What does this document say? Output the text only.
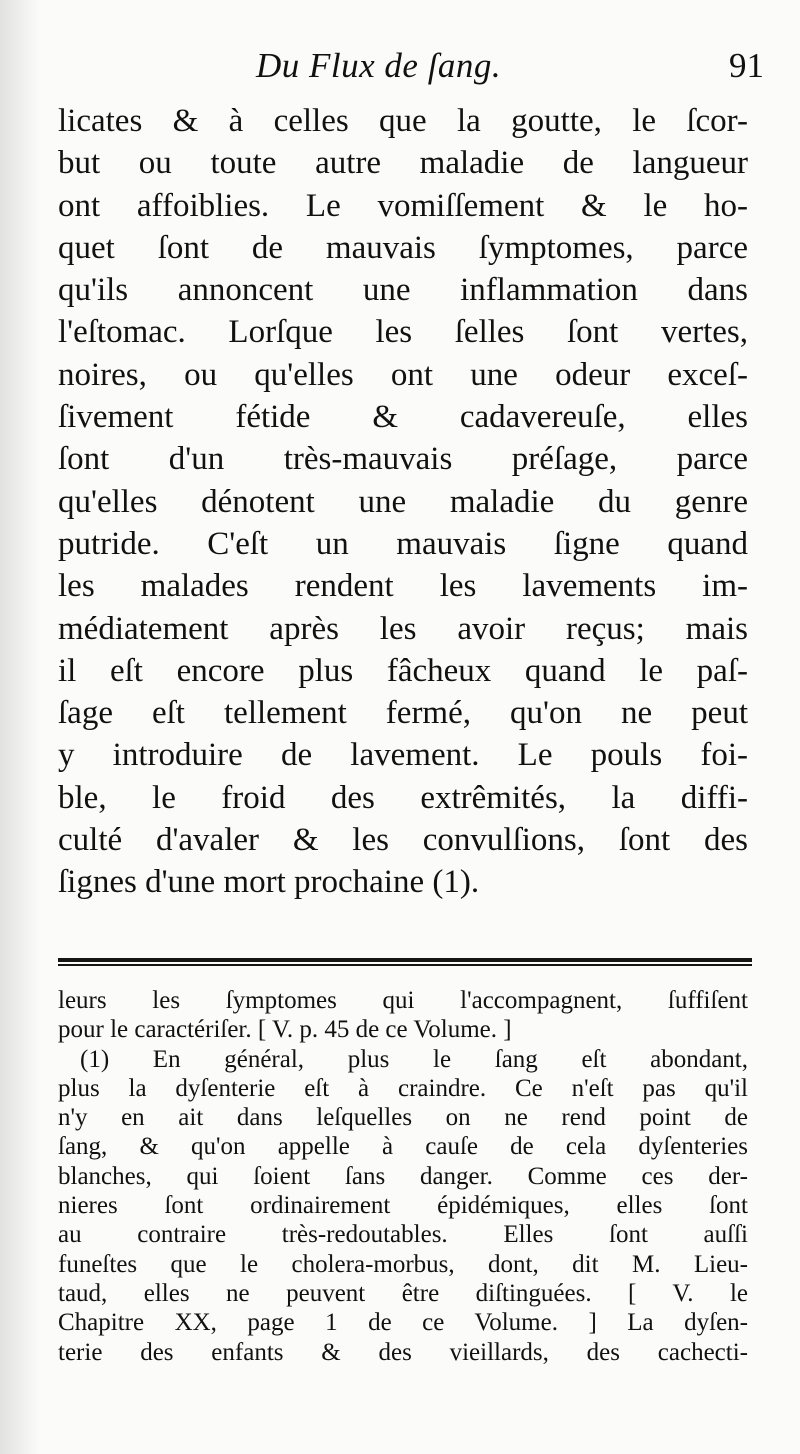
Du Flux de ſang.	91
licates & à celles que la goutte, le ſcor-
but ou toute autre maladie de langueur
ont affoiblies. Le vomiſſement & le ho-
quet ſont de mauvais ſymptomes, parce
qu'ils annoncent une inflammation dans
l'eſtomac. Lorſque les ſelles ſont vertes,
noires, ou qu'elles ont une odeur exceſ-
ſivement fétide & cadavereuſe, elles
ſont d'un très-mauvais préſage, parce
qu'elles dénotent une maladie du genre
putride. C'eſt un mauvais ſigne quand
les malades rendent les lavements im-
médiatement après les avoir reçus; mais
il eſt encore plus fâcheux quand le paſ-
ſage eſt tellement fermé, qu'on ne peut
y introduire de lavement. Le pouls foi-
ble, le froid des extrêmités, la diffi-
culté d'avaler & les convulſions, ſont des
ſignes d'une mort prochaine (1).
leurs les ſymptomes qui l'accompagnent, ſuffiſent
pour le caractériſer. [ V. p. 45 de ce Volume. ]
(1) En général, plus le ſang eſt abondant,
plus la dyſenterie eſt à craindre. Ce n'eſt pas qu'il
n'y en ait dans leſquelles on ne rend point de
ſang, & qu'on appelle à cauſe de cela dyſenteries
blanches, qui ſoient ſans danger. Comme ces der-
nieres ſont ordinairement épidémiques, elles ſont
au contraire très-redoutables. Elles ſont auſſi
funeſtes que le cholera-morbus, dont, dit M. Lieu-
taud, elles ne peuvent être diſtinguées. [ V. le
Chapitre XX, page 1 de ce Volume. ] La dyſen-
terie des enfants & des vieillards, des cachecti-
